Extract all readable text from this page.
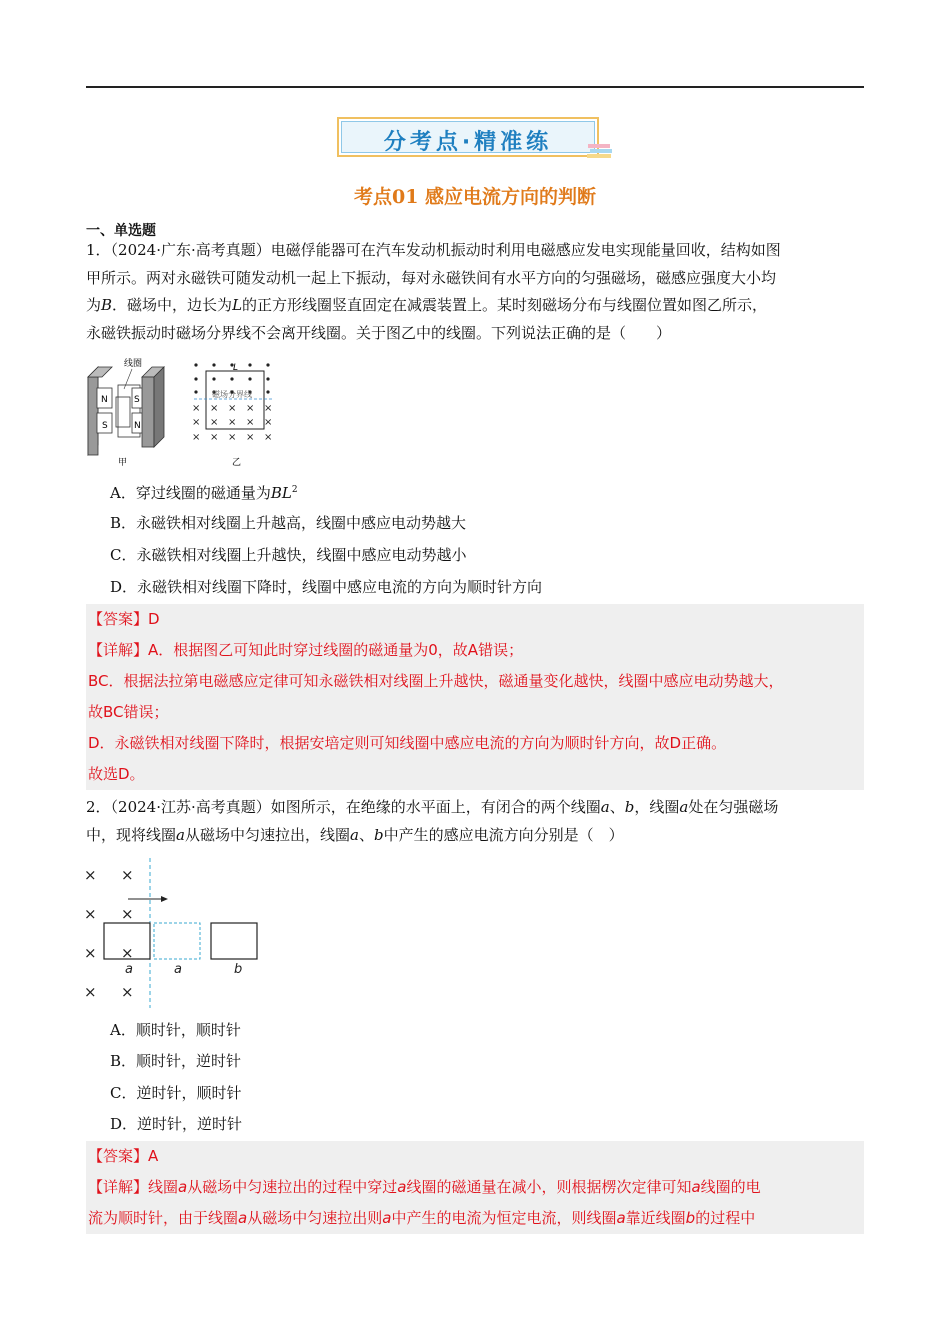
分考点·精准练
考点01 感应电流方向的判断
一、单选题
1．（2024·广东·高考真题）电磁俘能器可在汽车发动机振动时利用电磁感应发电实现能量回收，结构如图
甲所示。两对永磁铁可随发动机一起上下振动，每对永磁铁间有水平方向的匀强磁场，磁感应强度大小均
为B．磁场中，边长为L的正方形线圈竖直固定在减震装置上。某时刻磁场分布与线圈位置如图乙所示，
永磁铁振动时磁场分界线不会离开线圈。关于图乙中的线圈。下列说法正确的是（　　）
N
S
S
N
线圈
甲
× × × × ×
× × × × ×
× × × × ×
L
磁场分界线
乙
A．穿过线圈的磁通量为$BL^2$
B．永磁铁相对线圈上升越高，线圈中感应电动势越大
C．永磁铁相对线圈上升越快，线圈中感应电动势越小
D．永磁铁相对线圈下降时，线圈中感应电流的方向为顺时针方向
【答案】D
【详解】A．根据图乙可知此时穿过线圈的磁通量为0，故A错误；
BC．根据法拉第电磁感应定律可知永磁铁相对线圈上升越快，磁通量变化越快，线圈中感应电动势越大，
故BC错误；
D．永磁铁相对线圈下降时，根据安培定则可知线圈中感应电流的方向为顺时针方向，故D正确。
故选D。
2．（2024·江苏·高考真题）如图所示，在绝缘的水平面上，有闭合的两个线圈a、b，线圈a处在匀强磁场
中，现将线圈a从磁场中匀速拉出，线圈a、b中产生的感应电流方向分别是（　）
× ×
× ×
× ×
× ×
a	a	b
A．顺时针，顺时针
B．顺时针，逆时针
C．逆时针，顺时针
D．逆时针，逆时针
【答案】A
【详解】线圈a从磁场中匀速拉出的过程中穿过a线圈的磁通量在减小，则根据楞次定律可知a线圈的电
流为顺时针，由于线圈a从磁场中匀速拉出则a中产生的电流为恒定电流，则线圈a靠近线圈b的过程中
